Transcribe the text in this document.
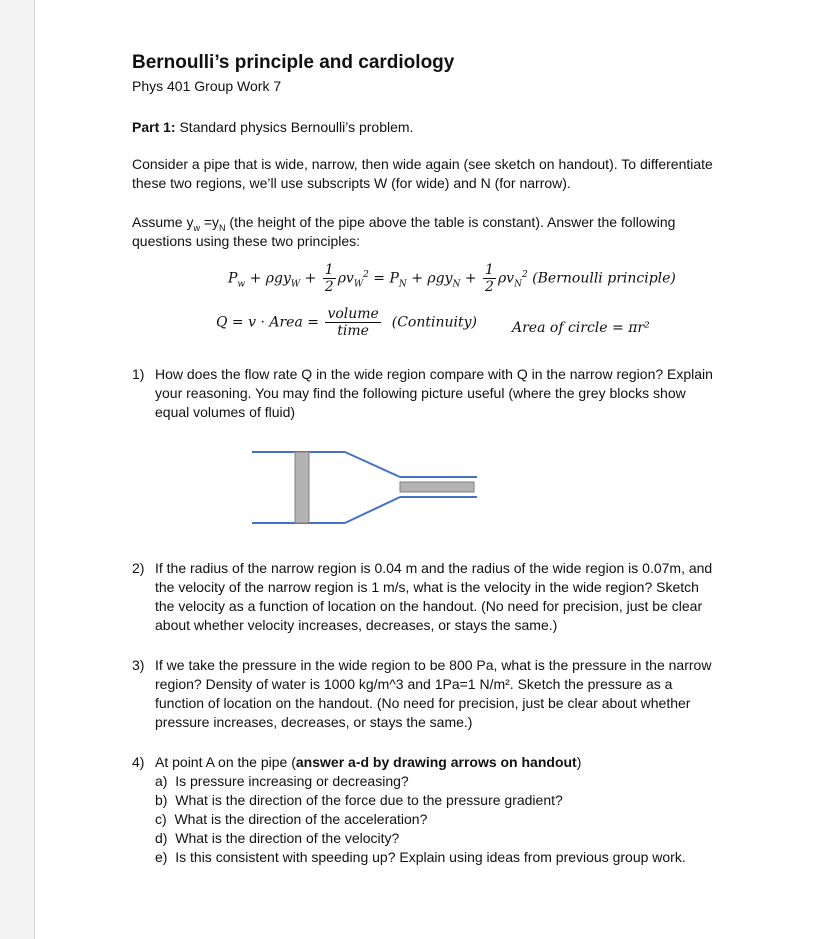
Bernoulli’s principle and cardiology
Phys 401 Group Work 7
Part 1: Standard physics Bernoulli’s problem.
Consider a pipe that is wide, narrow, then wide again (see sketch on handout). To differentiate
these two regions, we’ll use subscripts W (for wide) and N (for narrow).
Assume $y_w =y_N$ (the height of the pipe above the table is constant). Answer the following
questions using these two principles:
$P_w + \rho gy_W + \frac{1}{2} \rho v_W^2 = P_N + \rho gy_N + \frac{1}{2} \rho v_N^2$ (Bernoulli principle)
Q = v · Area = $\frac{\text{volume}}{\text{time}}$ (Continuity)	Area of circle = πr²
1) How does the flow rate Q in the wide region compare with Q in the narrow region? Explain
your reasoning. You may find the following picture useful (where the grey blocks show
equal volumes of fluid)
2) If the radius of the narrow region is 0.04 m and the radius of the wide region is 0.07m, and
the velocity of the narrow region is 1 m/s, what is the velocity in the wide region? Sketch
the velocity as a function of location on the handout. (No need for precision, just be clear
about whether velocity increases, decreases, or stays the same.)
3) If we take the pressure in the wide region to be 800 Pa, what is the pressure in the narrow
region? Density of water is 1000 kg/m^3 and 1Pa=1 N/m². Sketch the pressure as a
function of location on the handout. (No need for precision, just be clear about whether
pressure increases, decreases, or stays the same.)
4) At point A on the pipe (answer a-d by drawing arrows on handout)
a) Is pressure increasing or decreasing?
b) What is the direction of the force due to the pressure gradient?
c) What is the direction of the acceleration?
d) What is the direction of the velocity?
e) Is this consistent with speeding up? Explain using ideas from previous group work.
